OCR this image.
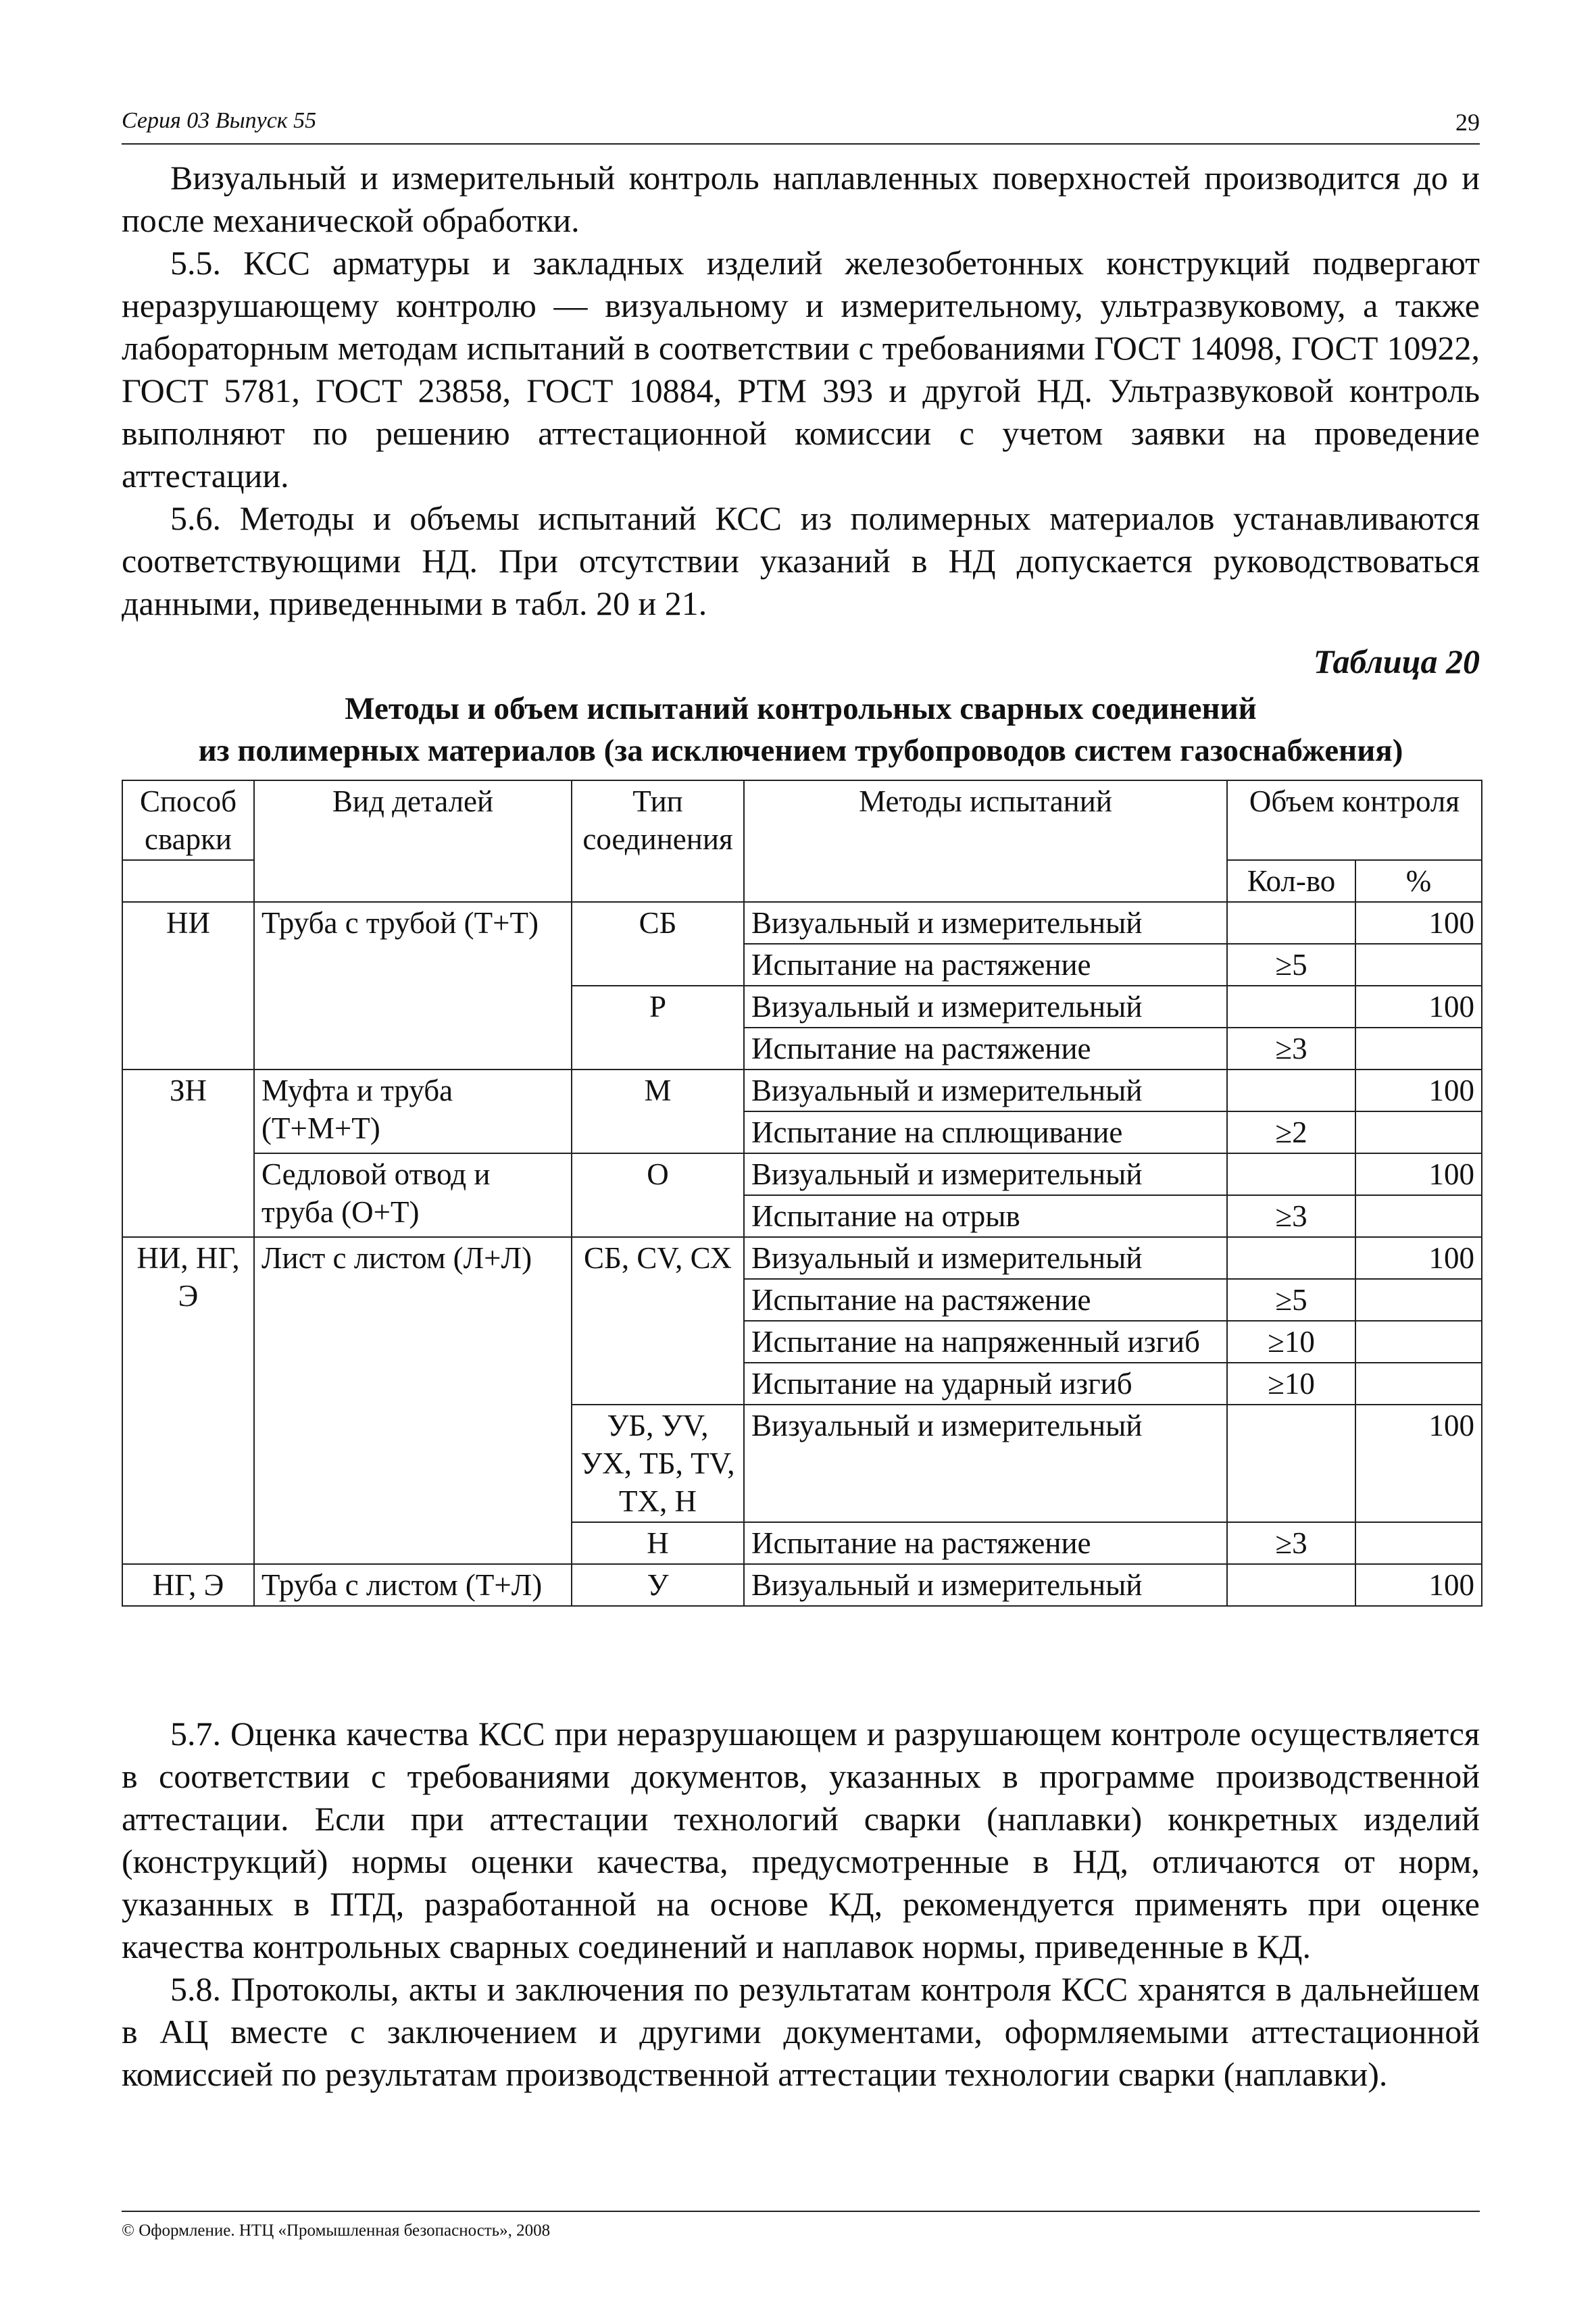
Серия 03 Выпуск 55	29

Визуальный и измерительный контроль наплавленных поверхностей производится до и после механической обработки.

5.5. КСС арматуры и закладных изделий железобетонных конструкций подвергают неразрушающему контролю — визуальному и измерительному, ультразвуковому, а также лабораторным методам испытаний в соответствии с требованиями ГОСТ 14098, ГОСТ 10922, ГОСТ 5781, ГОСТ 23858, ГОСТ 10884, РТМ 393 и другой НД. Ультразвуковой контроль выполняют по решению аттестационной комиссии с учетом заявки на проведение аттестации.

5.6. Методы и объемы испытаний КСС из полимерных материалов устанавливаются соответствующими НД. При отсутствии указаний в НД допускается руководствоваться данными, приведенными в табл. 20 и 21.

Таблица 20
Методы и объем испытаний контрольных сварных соединений
из полимерных материалов (за исключением трубопроводов систем газоснабжения)
Способ сварки	Вид деталей	Тип соединения	Методы испытаний	Объем контроля	

				Кол-во	%
НИ	Труба с трубой (Т+Т)	СБ	Визуальный и измерительный		100
			Испытание на растяжение	≥5	
		Р	Визуальный и измерительный		100
			Испытание на растяжение	≥3	
ЗН	Муфта и труба (Т+М+Т)	М	Визуальный и измерительный		100
			Испытание на сплющивание	≥2	
	Седловой отвод и труба (О+Т)	О	Визуальный и измерительный		100
			Испытание на отрыв	≥3	
НИ, НГ, Э	Лист с листом (Л+Л)	СБ, CV, СХ	Визуальный и измерительный		100
			Испытание на растяжение	≥5	
			Испытание на напряженный изгиб	≥10	
			Испытание на ударный изгиб	≥10	
		УБ, УV, УХ, ТБ, TV, ТХ, Н	Визуальный и измерительный		100
		Н	Испытание на растяжение	≥3	
НГ, Э	Труба с листом (Т+Л)	У	Визуальный и измерительный		100

5.7. Оценка качества КСС при неразрушающем и разрушающем контроле осуществляется в соответствии с требованиями документов, указанных в программе производственной аттестации. Если при аттестации технологий сварки (наплавки) конкретных изделий (конструкций) нормы оценки качества, предусмотренные в НД, отличаются от норм, указанных в ПТД, разработанной на основе КД, рекомендуется применять при оценке качества контрольных сварных соединений и наплавок нормы, приведенные в КД.

5.8. Протоколы, акты и заключения по результатам контроля КСС хранятся в дальнейшем в АЦ вместе с заключением и другими документами, оформляемыми аттестационной комиссией по результатам производственной аттестации технологии сварки (наплавки).

© Оформление. НТЦ «Промышленная безопасность», 2008
